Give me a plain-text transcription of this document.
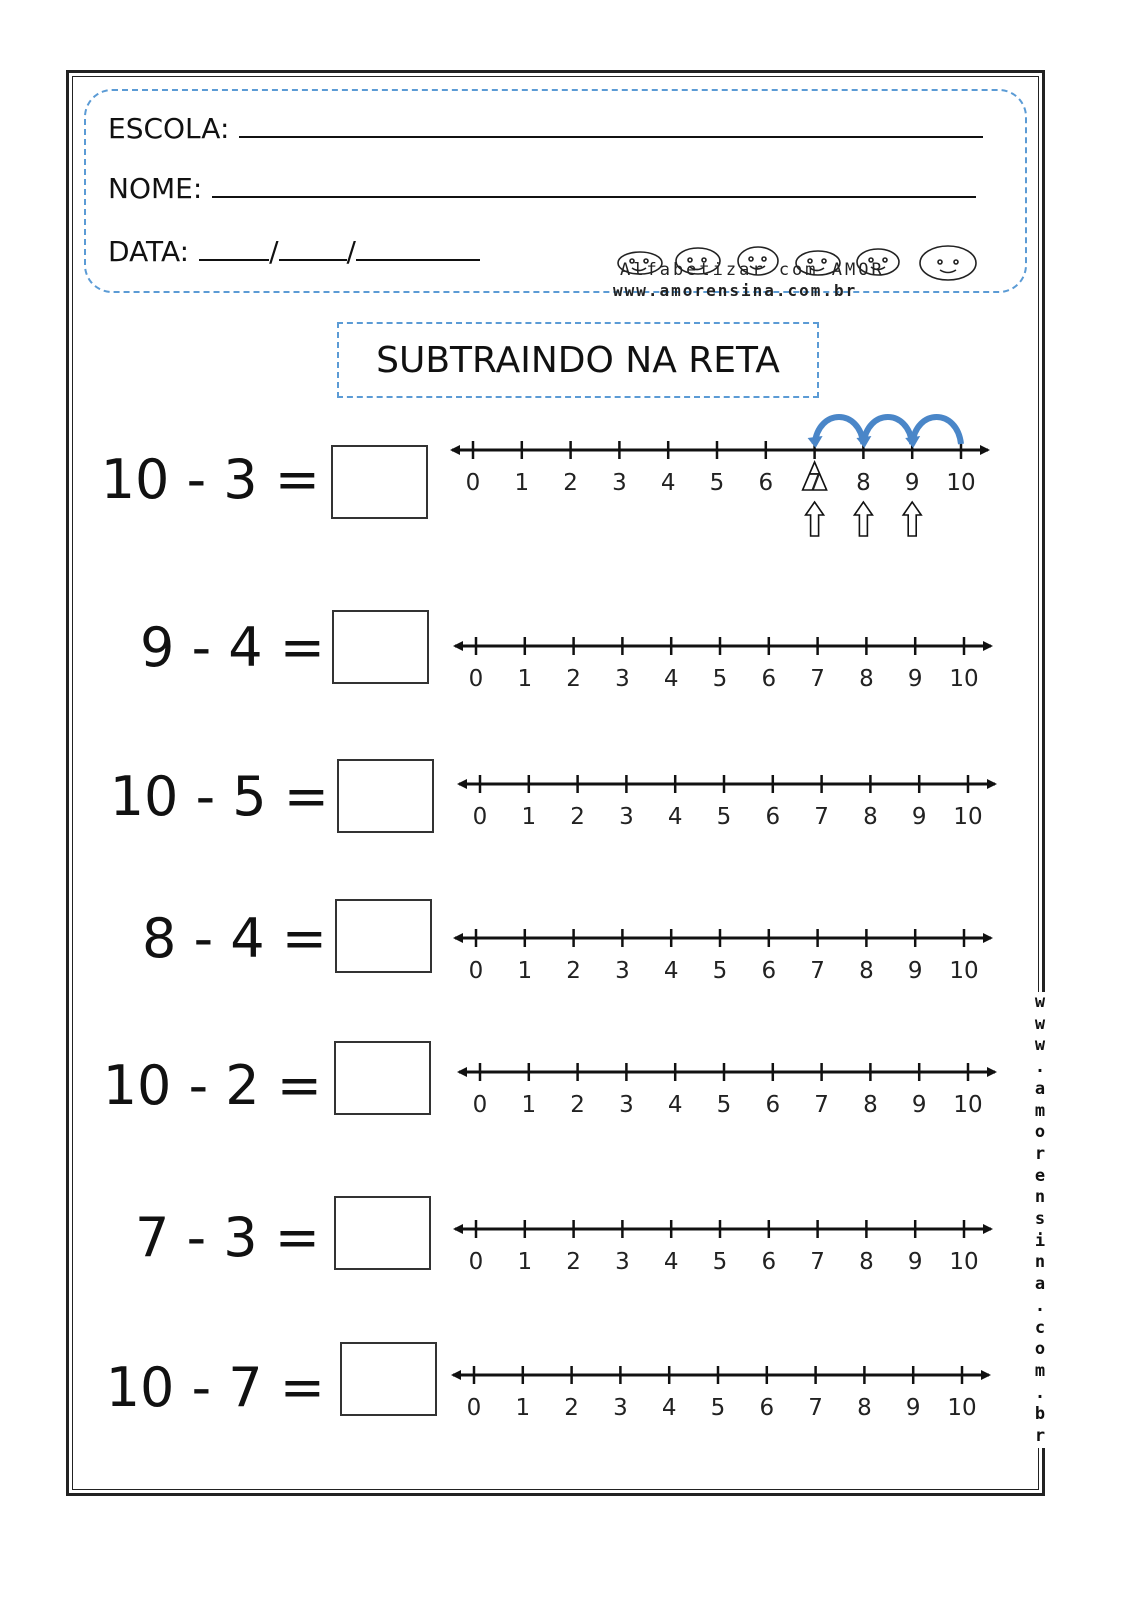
ESCOLA:
NOME:
DATA:	/ /
Alfabetizar com AMOR
www.amorensina.com.br
SUBTRAINDO NA RETA
10 - 3 =	0 1 2 3 4 5 6 7 8 9 10
9 - 4 =	0 1 2 3 4 5 6 7 8 9 10
10 - 5 =	0 1 2 3 4 5 6 7 8 9 10
8 - 4 =
0 1 2 3 4 5 6 7 8 9 10
10 - 2 =	0 1 2 3 4 5 6 7 8 9 10
7 - 3 =	0 1 2 3 4 5 6 7 8 9 10
10 - 7 =	0 1 2 3 4 5 6 7 8 9 10
w
w
w
.
a
m
o
r
e
n
s
i
n
a
.
c
o
m
.
b
r
